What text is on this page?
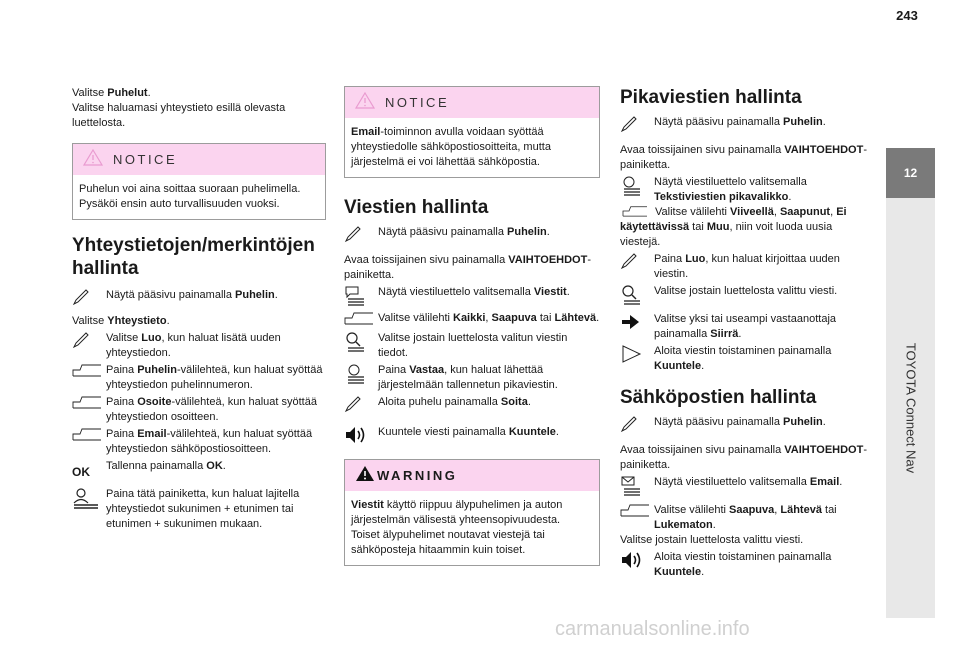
243
12
TOYOTA Connect Nav

Valitse Puhelut.

Valitse haluamasi yhteystieto esillä olevasta luettelosta.

NOTICE
Puhelun voi aina soittaa suoraan puhelimella. Pysäköi ensin auto turvallisuuden vuoksi.
Yhteystietojen/merkintöjen hallinta
Näytä pääsivu painamalla Puhelin.

Valitse Yhteystieto.

Valitse Luo, kun haluat lisätä uuden yhteystiedon.
Paina Puhelin-välilehteä, kun haluat syöttää yhteystiedon puhelinnumeron.
Paina Osoite-välilehteä, kun haluat syöttää yhteystiedon osoitteen.
Paina Email-välilehteä, kun haluat syöttää yhteystiedon sähköpostiosoitteen.
OK Tallenna painamalla OK.
Paina tätä painiketta, kun haluat lajitella yhteystiedot sukunimen + etunimen tai etunimen + sukunimen mukaan.
NOTICE
Email-toiminnon avulla voidaan syöttää yhteystiedolle sähköpostiosoitteita, mutta järjestelmä ei voi lähettää sähköpostia.
Viestien hallinta
Näytä pääsivu painamalla Puhelin.

Avaa toissijainen sivu painamalla VAIHTOEHDOT-painiketta.

Näytä viestiluettelo valitsemalla Viestit.
Valitse välilehti Kaikki, Saapuva tai Lähtevä.
Valitse jostain luettelosta valitun viestin tiedot.
Paina Vastaa, kun haluat lähettää järjestelmään tallennetun pikaviestin.
Aloita puhelu painamalla Soita.
Kuuntele viesti painamalla Kuuntele.
WARNING
Viestit käyttö riippuu älypuhelimen ja auton järjestelmän välisestä yhteensopivuudesta.
Toiset älypuhelimet noutavat viestejä tai sähköposteja hitaammin kuin toiset.
Pikaviestien hallinta
Näytä pääsivu painamalla Puhelin.

Avaa toissijainen sivu painamalla VAIHTOEHDOT-painiketta.

Näytä viestiluettelo valitsemalla Tekstiviestien pikavalikko.

Valitse välilehti Viiveellä, Saapunut, Ei käytettävissä tai Muu, niin voit luoda uusia viestejä.

Paina Luo, kun haluat kirjoittaa uuden viestin.
Valitse jostain luettelosta valittu viesti.
Valitse yksi tai useampi vastaanottaja painamalla Siirrä.
Aloita viestin toistaminen painamalla Kuuntele.
Sähköpostien hallinta
Näytä pääsivu painamalla Puhelin.

Avaa toissijainen sivu painamalla VAIHTOEHDOT-painiketta.

Näytä viestiluettelo valitsemalla Email.
Valitse välilehti Saapuva, Lähtevä tai Lukematon.

Valitse jostain luettelosta valittu viesti.

Aloita viestin toistaminen painamalla Kuuntele.
carmanualsonline.info
